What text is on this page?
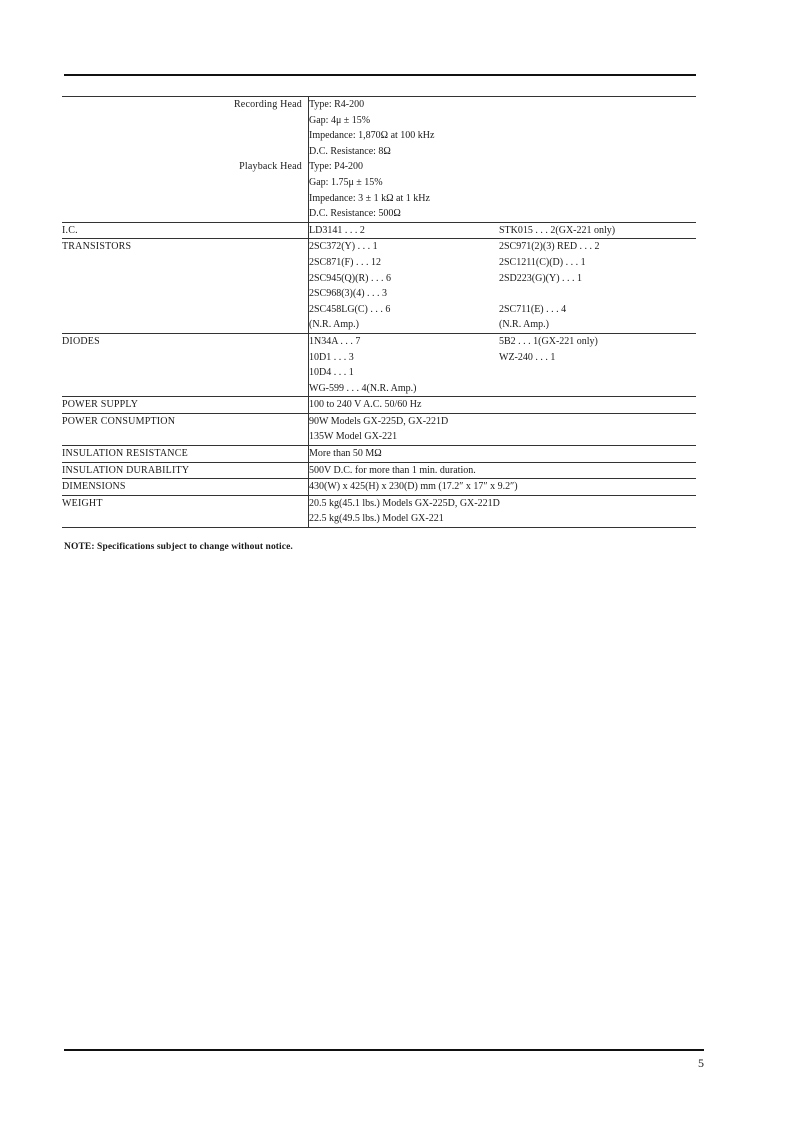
Recording Head	Type: R4-200	
	Gap: 4μ ± 15%	
	Impedance: 1,870Ω at 100 kHz	
	D.C. Resistance: 8Ω	
Playback Head	Type: P4-200	
	Gap: 1.75μ ± 15%	
	Impedance: 3 ± 1 kΩ at 1 kHz	
	D.C. Resistance: 500Ω	
I.C.	LD3141 . . . 2	STK015 . . . 2(GX-221 only)
TRANSISTORS	2SC372(Y) . . . 1	2SC971(2)(3) RED . . . 2
	2SC871(F) . . . 12	2SC1211(C)(D) . . . 1
	2SC945(Q)(R) . . . 6	2SD223(G)(Y) . . . 1
	2SC968(3)(4) . . . 3	
	2SC458LG(C) . . . 6	2SC711(E) . . . 4
	(N.R. Amp.)	(N.R. Amp.)
DIODES	1N34A . . . 7	5B2 . . . 1(GX-221 only)
	10D1 . . . 3	WZ-240 . . . 1
	10D4 . . . 1	
	WG-599 . . . 4(N.R. Amp.)	
POWER SUPPLY	100 to 240 V A.C. 50/60 Hz	
POWER CONSUMPTION	90W Models GX-225D, GX-221D	
	135W Model GX-221	
INSULATION RESISTANCE	More than 50 MΩ	
INSULATION DURABILITY	500V D.C. for more than 1 min. duration.	
DIMENSIONS	430(W) x 425(H) x 230(D) mm (17.2″ x 17″ x 9.2″)	
WEIGHT	20.5 kg(45.1 lbs.) Models GX-225D, GX-221D	
	22.5 kg(49.5 lbs.) Model GX-221	
NOTE: Specifications subject to change without notice.
5
